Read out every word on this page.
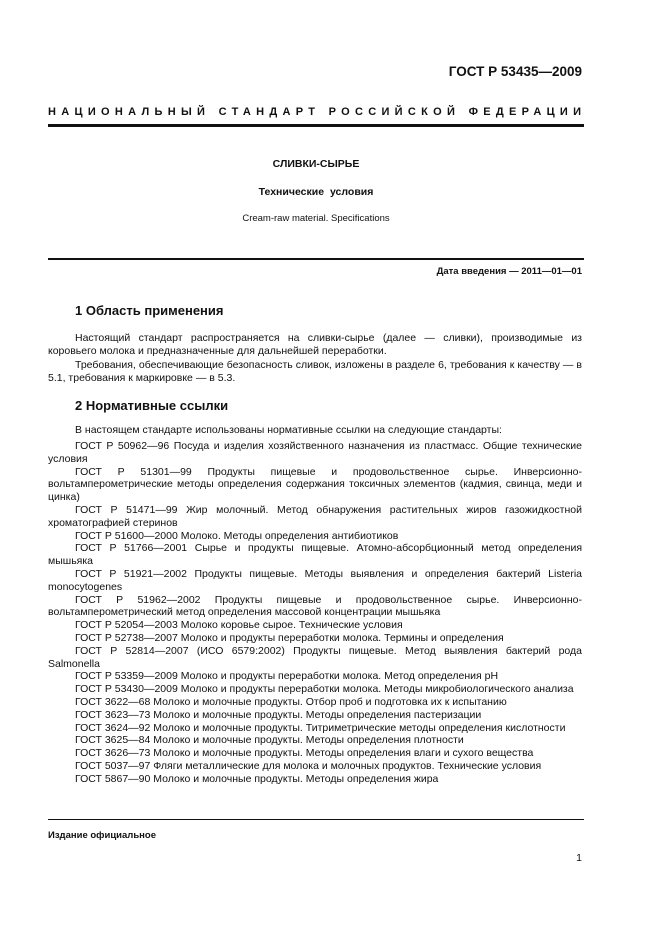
ГОСТ Р 53435—2009
НАЦИОНАЛЬНЫЙ СТАНДАРТ РОССИЙСКОЙ ФЕДЕРАЦИИ
СЛИВКИ-СЫРЬЕ
Технические условия
Cream-raw material. Specifications
Дата введения — 2011—01—01
1 Область применения
Настоящий стандарт распространяется на сливки-сырье (далее — сливки), производимые из коровьего молока и предназначенные для дальнейшей переработки.
Требования, обеспечивающие безопасность сливок, изложены в разделе 6, требования к качеству — в 5.1, требования к маркировке — в 5.3.
2 Нормативные ссылки
В настоящем стандарте использованы нормативные ссылки на следующие стандарты:

ГОСТ Р 50962—96 Посуда и изделия хозяйственного назначения из пластмасс. Общие технические условия

ГОСТ Р 51301—99 Продукты пищевые и продовольственное сырье. Инверсионно-вольтамперометрические методы определения содержания токсичных элементов (кадмия, свинца, меди и цинка)

ГОСТ Р 51471—99 Жир молочный. Метод обнаружения растительных жиров газожидкостной хроматографией стеринов

ГОСТ Р 51600—2000 Молоко. Методы определения антибиотиков

ГОСТ Р 51766—2001 Сырье и продукты пищевые. Атомно-абсорбционный метод определения мышьяка

ГОСТ Р 51921—2002 Продукты пищевые. Методы выявления и определения бактерий Listeria monocytogenes

ГОСТ Р 51962—2002 Продукты пищевые и продовольственное сырье. Инверсионно-вольтамперометрический метод определения массовой концентрации мышьяка

ГОСТ Р 52054—2003 Молоко коровье сырое. Технические условия

ГОСТ Р 52738—2007 Молоко и продукты переработки молока. Термины и определения

ГОСТ Р 52814—2007 (ИСО 6579:2002) Продукты пищевые. Метод выявления бактерий рода Salmonella

ГОСТ Р 53359—2009 Молоко и продукты переработки молока. Метод определения pH

ГОСТ Р 53430—2009 Молоко и продукты переработки молока. Методы микробиологического анализа

ГОСТ 3622—68 Молоко и молочные продукты. Отбор проб и подготовка их к испытанию

ГОСТ 3623—73 Молоко и молочные продукты. Методы определения пастеризации

ГОСТ 3624—92 Молоко и молочные продукты. Титриметрические методы определения кислотности

ГОСТ 3625—84 Молоко и молочные продукты. Методы определения плотности

ГОСТ 3626—73 Молоко и молочные продукты. Методы определения влаги и сухого вещества

ГОСТ 5037—97 Фляги металлические для молока и молочных продуктов. Технические условия

ГОСТ 5867—90 Молоко и молочные продукты. Методы определения жира

Издание официальное
1
